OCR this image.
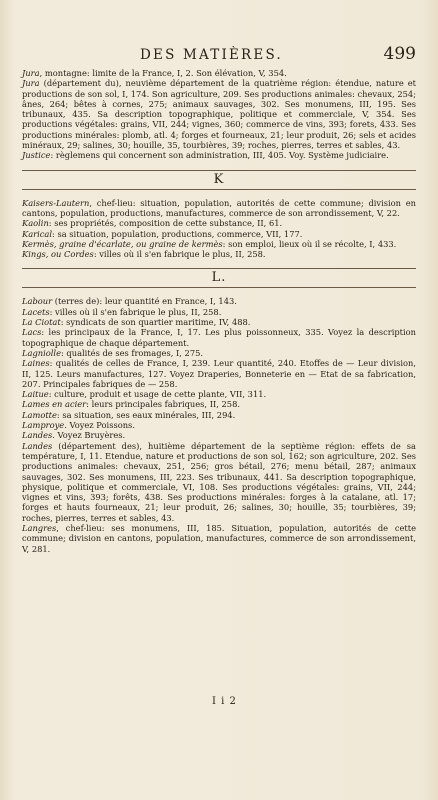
DES MATIÈRES.	499

Jura, montagne: limite de la France, I, 2. Son élévation, V, 354.

Jura (département du), neuvième département de la quatrième région: étendue, nature et productions de son sol, I, 174. Son agriculture, 209. Ses productions animales: chevaux, 254; ânes, 264; bêtes à cornes, 275; animaux sauvages, 302. Ses monumens, III, 195. Ses tribunaux, 435. Sa description topographique, politique et commerciale, V, 354. Ses productions végétales: grains, VII, 244; vignes, 360; commerce de vins, 393; forets, 433. Ses productions minérales: plomb, atl. 4; forges et fourneaux, 21; leur produit, 26; sels et acides minéraux, 29; salines, 30; houille, 35, tourbières, 39; roches, pierres, terres et sables, 43.

Justice: règlemens qui concernent son administration, III, 405. Voy. Système judiciaire.

K

Kaisers-Lautern, chef-lieu: situation, population, autorités de cette commune; division en cantons, population, productions, manufactures, commerce de son arrondissement, V, 22.

Kaolin: ses propriétés, composition de cette substance, II, 61.

Karical: sa situation, population, productions, commerce, VII, 177.

Kermès, graine d'écarlate, ou graine de kermès: son emploi, lieux où il se récolte, I, 433.

Kings, ou Cordes: villes où il s'en fabrique le plus, II, 258.

L.

Labour (terres de): leur quantité en France, I, 143.

Lacets: villes où il s'en fabrique le plus, II, 258.

La Ciotat: syndicats de son quartier maritime, IV, 488.

Lacs: les principaux de la France, I, 17. Les plus poissonneux, 335. Voyez la description topographique de chaque département.

Lagniolle: qualités de ses fromages, I, 275.

Laines: qualités de celles de France, I, 239. Leur quantité, 240. Etoffes de — Leur division, II, 125. Leurs manufactures, 127. Voyez Draperies, Bonneterie en — Etat de sa fabrication, 207. Principales fabriques de — 258.

Laitue: culture, produit et usage de cette plante, VII, 311.

Lames en acier: leurs principales fabriques, II, 258.

Lamotte: sa situation, ses eaux minérales, III, 294.

Lamproye. Voyez Poissons.

Landes. Voyez Bruyères.

Landes (département des), huitième département de la septième région: effets de sa température, I, 11. Etendue, nature et productions de son sol, 162; son agriculture, 202. Ses productions animales: chevaux, 251, 256; gros bétail, 276; menu bétail, 287; animaux sauvages, 302. Ses monumens, III, 223. Ses tribunaux, 441. Sa description topographique, physique, politique et commerciale, VI, 108. Ses productions végétales: grains, VII, 244; vignes et vins, 393; forêts, 438. Ses productions minérales: forges à la catalane, atl. 17; forges et hauts fourneaux, 21; leur produit, 26; salines, 30; houille, 35; tourbières, 39; roches, pierres, terres et sables, 43.

Langres, chef-lieu: ses monumens, III, 185. Situation, population, autorités de cette commune; division en cantons, population, manufactures, commerce de son arrondissement, V, 281.

I i 2
